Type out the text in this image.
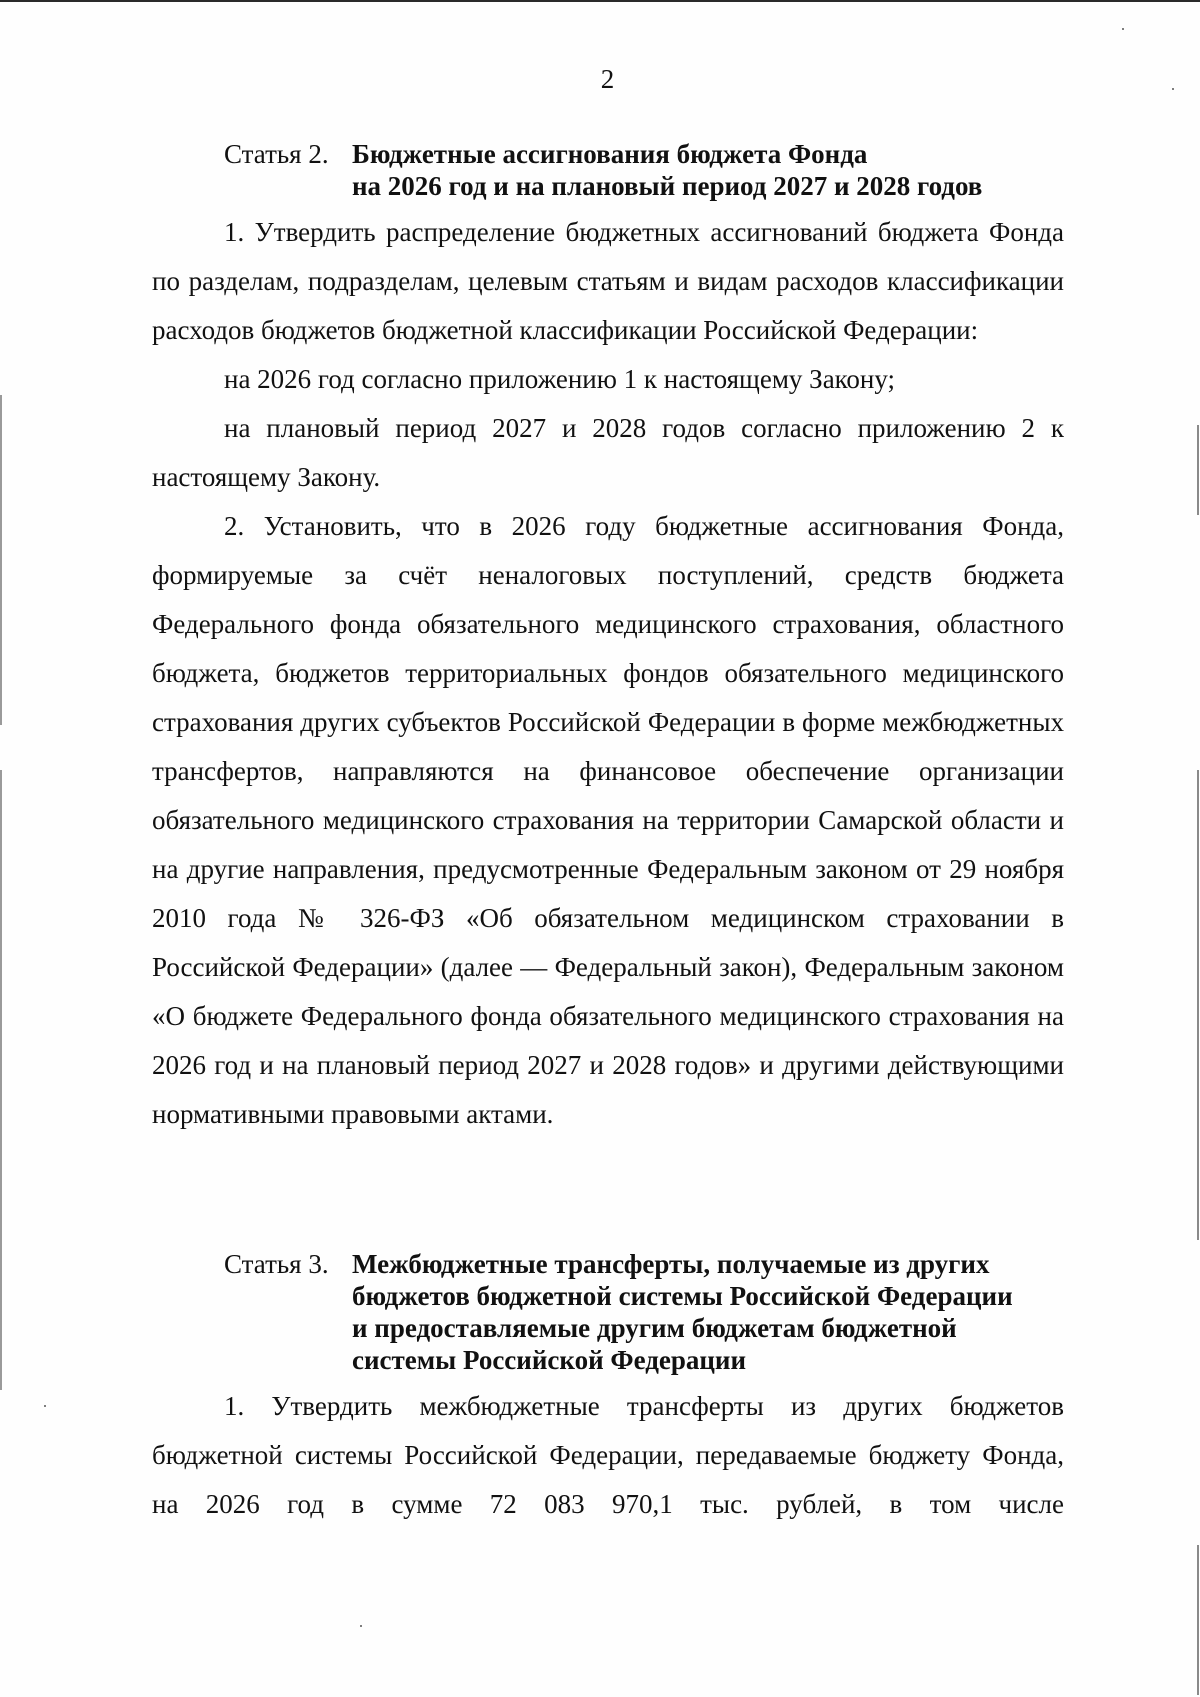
2
Статья 2. Бюджетные ассигнования бюджета Фонда
на 2026 год и на плановый период 2027 и 2028 годов

1. Утвердить распределение бюджетных ассигнований бюджета Фонда по разделам, подразделам, целевым статьям и видам расходов классификации расходов бюджетов бюджетной классификации Российской Федерации:

на 2026 год согласно приложению 1 к настоящему Закону;

на плановый период 2027 и 2028 годов согласно приложению 2 к настоящему Закону.

2. Установить, что в 2026 году бюджетные ассигнования Фонда, формируемые за счёт неналоговых поступлений, средств бюджета Федерального фонда обязательного медицинского страхования, областного бюджета, бюджетов территориальных фондов обязательного медицинского страхования других субъектов Российской Федерации в форме межбюджетных трансфертов, направляются на финансовое обеспечение организации обязательного медицинского страхования на территории Самарской области и на другие направления, предусмотренные Федеральным законом от 29 ноября 2010 года № 326-ФЗ «Об обязательном медицинском страховании в Российской Федерации» (далее — Федеральный закон), Федеральным законом «О бюджете Федерального фонда обязательного медицинского страхования на 2026 год и на плановый период 2027 и 2028 годов» и другими действующими нормативными правовыми актами.

Статья 3. Межбюджетные трансферты, получаемые из других
бюджетов бюджетной системы Российской Федерации
и предоставляемые другим бюджетам бюджетной
системы Российской Федерации

1. Утвердить межбюджетные трансферты из других бюджетов бюджетной системы Российской Федерации, передаваемые бюджету Фонда, на 2026 год в сумме 72 083 970,1 тыс. рублей, в том числе
